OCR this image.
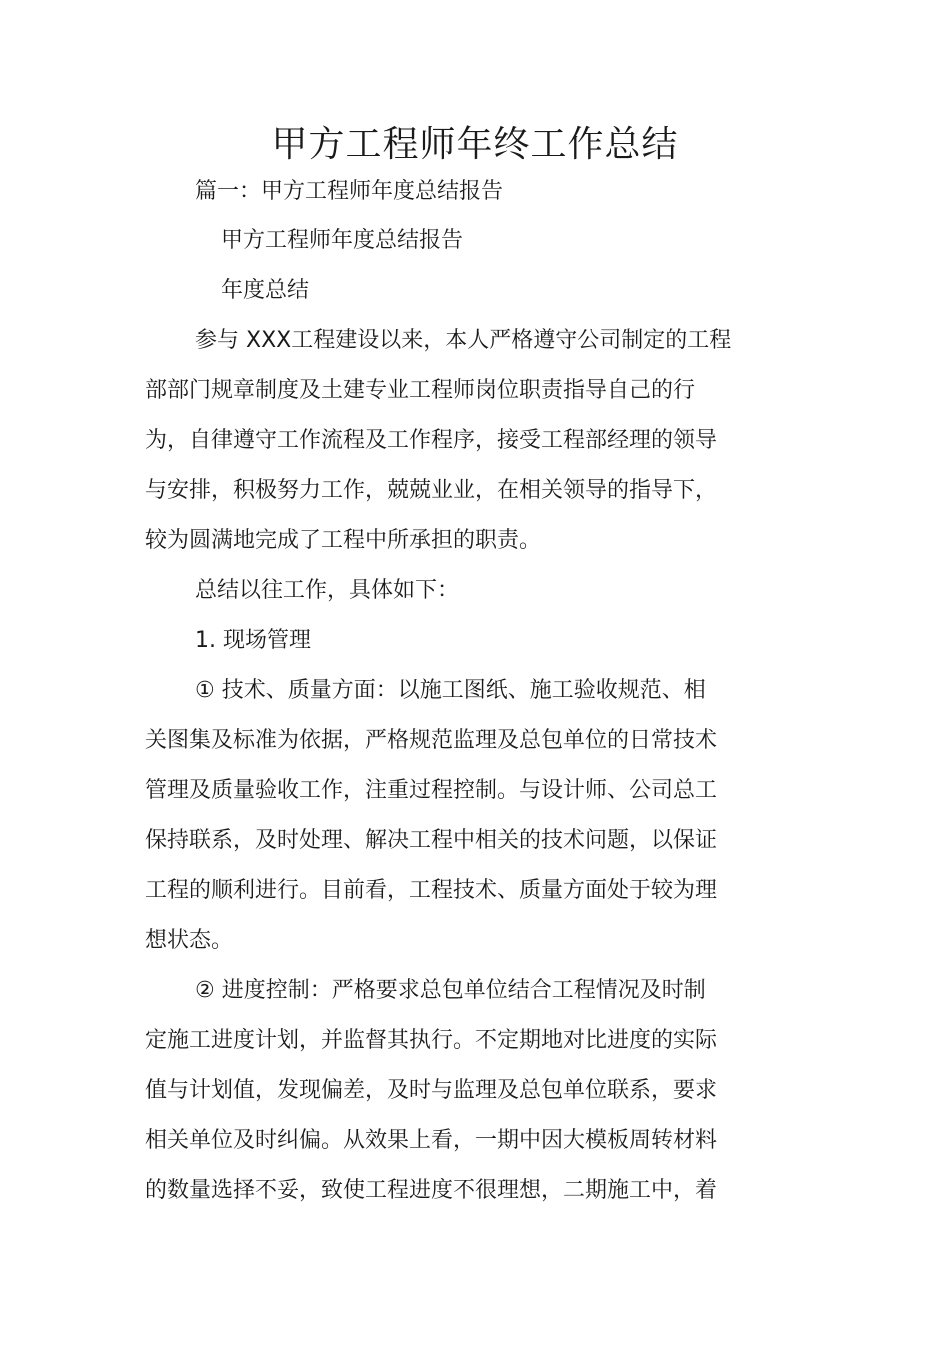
甲方工程师年终工作总结
篇一：甲方工程师年度总结报告
甲方工程师年度总结报告
年度总结
参与 XXX工程建设以来，本人严格遵守公司制定的工程
部部门规章制度及土建专业工程师岗位职责指导自己的行
为，自律遵守工作流程及工作程序，接受工程部经理的领导
与安排，积极努力工作，兢兢业业，在相关领导的指导下，
较为圆满地完成了工程中所承担的职责。
总结以往工作，具体如下：
1. 现场管理
① 技术、质量方面：以施工图纸、施工验收规范、相
关图集及标准为依据，严格规范监理及总包单位的日常技术
管理及质量验收工作，注重过程控制。与设计师、公司总工
保持联系，及时处理、解决工程中相关的技术问题，以保证
工程的顺利进行。目前看，工程技术、质量方面处于较为理
想状态。
② 进度控制：严格要求总包单位结合工程情况及时制
定施工进度计划，并监督其执行。不定期地对比进度的实际
值与计划值，发现偏差，及时与监理及总包单位联系，要求
相关单位及时纠偏。从效果上看，一期中因大模板周转材料
的数量选择不妥，致使工程进度不很理想，二期施工中，着
